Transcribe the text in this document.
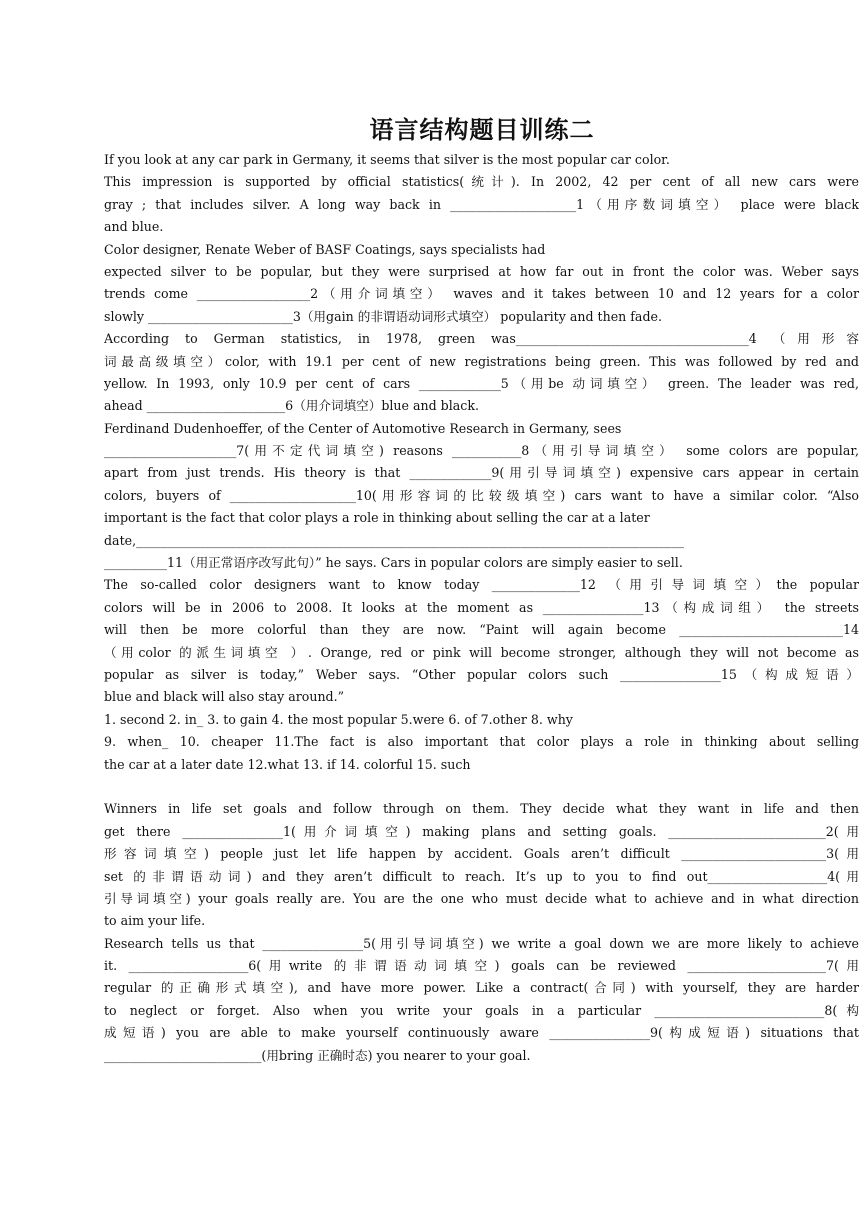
语言结构题目训练二
If you look at any car park in Germany, it seems that silver is the most popular car color.
This impression is supported by official statistics(统计). In 2002, 42 per cent of all new cars were
gray ; that includes silver. A long way back in ____________________1（用序数词填空） place were black
and blue.
Color designer, Renate Weber of BASF Coatings, says specialists had
expected silver to be popular, but they were surprised at how far out in front the color was. Weber says
trends come __________________2（用介词填空） waves and it takes between 10 and 12 years for a color
slowly _______________________3（用gain 的非谓语动词形式填空） popularity and then fade.
According to German statistics, in 1978, green was_____________________________________4 （用形容
词最高级填空）color, with 19.1 per cent of new registrations being green. This was followed by red and
yellow. In 1993, only 10.9 per cent of cars _____________5（用be 动词填空） green. The leader was red,
ahead ______________________6（用介词填空）blue and black.
Ferdinand Dudenhoeffer, of the Center of Automotive Research in Germany, sees
_____________________7(用不定代词填空) reasons ___________8（用引导词填空） some colors are popular,
apart from just trends. His theory is that _____________9(用引导词填空) expensive cars appear in certain
colors, buyers of ____________________10(用形容词的比较级填空) cars want to have a similar color. “Also
important is the fact that color plays a role in thinking about selling the car at a later
date,_______________________________________________________________________________________
__________11（用正常语序改写此句）” he says. Cars in popular colors are simply easier to sell.
The so-called color designers want to know today ______________12 （用引导词填空）the popular
colors will be in 2006 to 2008. It looks at the moment as ________________13（构成词组） the streets
will then be more colorful than they are now. “Paint will again become __________________________14
（用color 的派生词填空 ）. Orange, red or pink will become stronger, although they will not become as
popular as silver is today,” Weber says. “Other popular colors such ________________15（构成短语）
blue and black will also stay around.”
1. second 2. in_ 3. to gain 4. the most popular 5.were 6. of 7.other 8. why
9. when_ 10. cheaper 11.The fact is also important that color plays a role in thinking about selling
the car at a later date 12.what 13. if 14. colorful 15. such
Winners in life set goals and follow through on them. They decide what they want in life and then
get there ________________1(用介词填空) making plans and setting goals. _________________________2(用
形容词填空) people just let life happen by accident. Goals aren’t difficult _______________________3(用
set 的非谓语动词) and they aren’t difficult to reach. It’s up to you to find out___________________4(用
引导词填空) your goals really are. You are the one who must decide what to achieve and in what direction
to aim your life.
Research tells us that ________________5(用引导词填空) we write a goal down we are more likely to achieve
it. ___________________6(用write 的非谓语动词填空) goals can be reviewed ______________________7(用
regular 的正确形式填空), and have more power. Like a contract(合同) with yourself, they are harder
to neglect or forget. Also when you write your goals in a particular ___________________________8(构
成短语) you are able to make yourself continuously aware ________________9(构成短语) situations that
_________________________(用bring 正确时态) you nearer to your goal.
